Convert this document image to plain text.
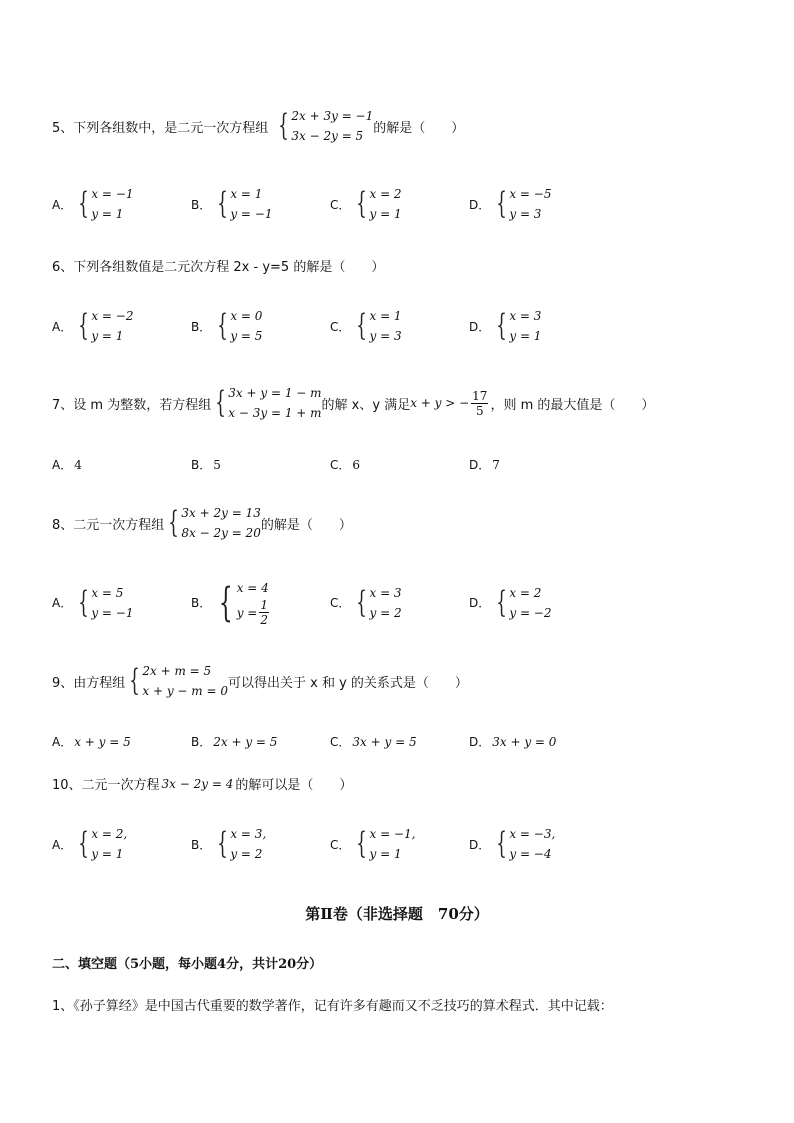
5、下列各组数中，是二元一次方程组 { 2x + 3y = −1
3x − 2y = 5
的解是（　　）
A． { x = −1
y = 1
B． { x = 1
y = −1
C． { x = 2
y = 1
D． { x = −5
y = 3
6、下列各组数值是二元次方程 2x - y=5 的解是（　　）
A． { x = −2
y = 1
B． { x = 0
y = 5
C． { x = 1
y = 3
D． { x = 3
y = 1
7、设 m 为整数，若方程组 { 3x + y = 1 − m
x − 3y = 1 + m
的解 x、y 满足 x + y > − $\frac{17}{5}$ ，则 m 的最大值是（　　）
A． 4	B． 5	C． 6	D． 7
8、二元一次方程组 { 3x + 2y = 13
8x − 2y = 20
的解是（　　）
A． { x = 5
y = −1
B． { x = 4
$y = \frac{1}{2}$	C． { x = 3
y = 2
D． { x = 2
y = −2
9、由方程组 { 2x + m = 5
x + y − m = 0
可以得出关于 x 和 y 的关系式是（　　）
A． x + y = 5	B． 2x + y = 5	C． 3x + y = 5	D． 3x + y = 0
10、二元一次方程 3x − 2y = 4 的解可以是（　　）
A． { x = 2,
y = 1
B． { x = 3,
y = 2
C． { x = −1,
y = 1
D． { x = −3,
y = −4
第Ⅱ卷（非选择题　70分）
二、填空题（5小题，每小题4分，共计20分）
1、《孙子算经》是中国古代重要的数学著作，记有许多有趣而又不乏技巧的算术程式．其中记载：
